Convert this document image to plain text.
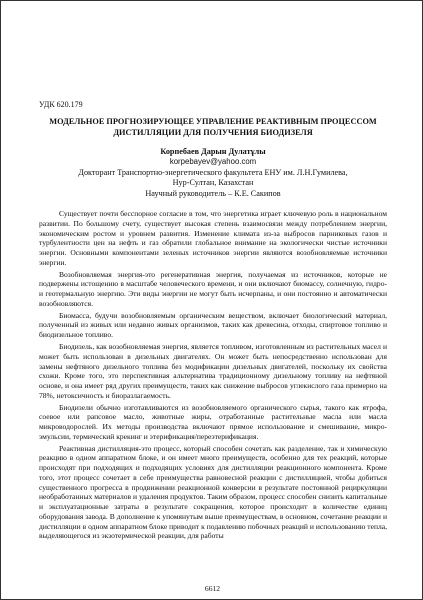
УДК 620.179
МОДЕЛЬНОЕ ПРОГНОЗИРУЮЩЕЕ УПРАВЛЕНИЕ РЕАКТИВНЫМ ПРОЦЕССОМ
ДИСТИЛЛЯЦИИ ДЛЯ ПОЛУЧЕНИЯ БИОДИЗЕЛЯ
Корпебаев Дарын Дулатұлы
korpebayev@yahoo.com
Докторант Транспортно-энергетического факультета ЕНУ им. Л.Н.Гумилева,
Нур-Султан, Казахстан
Научный руководитель – К.Е. Сакипов

Существует почти бесспорное согласие в том, что энергетика играет ключевую роль в национальном развитии. По большому счету, существует высокая степень взаимосвязи между потреблением энергии, экономическим ростом и уровнем развития. Изменение климата из-за выбросов парниковых газов и турбулентности цен на нефть и газ обратили глобальное внимание на экологически чистые источники энергии. Основными компонентами зеленых источников энергии являются возобновляемые источники энергии.

Возобновляемая энергия-это регенеративная энергия, получаемая из источников, которые не подвержены истощению в масштабе человеческого времени, и они включают биомассу, солнечную, гидро-и геотермальную энергию. Эти виды энергии не могут быть исчерпаны, и они постоянно и автоматически возобновляются.

Биомасса, будучи возобновляемым органическим веществом, включает биологический материал, полученный из живых или недавно живых организмов, таких как древесина, отходы, спиртовое топливо и биодизельное топливо.

Биодизель, как возобновляемая энергия, является топливом, изготовленным из растительных масел и может быть использован в дизельных двигателях. Он может быть непосредственно использован для замены нефтяного дизельного топлива без модификации дизельных двигателей, поскольку их свойства схожи. Кроме того, это перспективная альтернатива традиционному дизельному топливу на нефтяной основе, и она имеет ряд других преимуществ, таких как снижение выбросов углекислого газа примерно на 78%, нетоксичность и биоразлагаемость.

Биодизели обычно изготавливаются из возобновляемого органического сырья, такого как ятрофа, соевое или рапсовое масло, животные жиры, отработанные растительные масла или масла микроводорослей. Их методы производства включают прямое использование и смешивание, микро-эмульсии, термический крекинг и этерификация/переэтерификация.

Реактивная дистилляция-это процесс, который способен сочетать как разделение, так и химическую реакцию в одном аппаратном блоке, и он имеет много преимуществ, особенно для тех реакций, которые происходят при подходящих и подходящих условиях для дистилляции реакционного компонента. Кроме того, этот процесс сочетает в себе преимущества равновесной реакции с дистилляцией, чтобы добиться существенного прогресса в продвижении реакционной конверсии в результате постоянной рециркуляции необработанных материалов и удаления продуктов. Таким образом, процесс способен снизить капитальные и эксплуатационные затраты в результате сокращения, которое происходит в количестве единиц оборудования завода. В дополнение к упомянутым выше преимуществам, в основном, сочетание реакции и дистилляции в одном аппаратном блоке приводит к подавлению побочных реакций и использованию тепла, выделяющегося из экзотермической реакции, для работы

6612
